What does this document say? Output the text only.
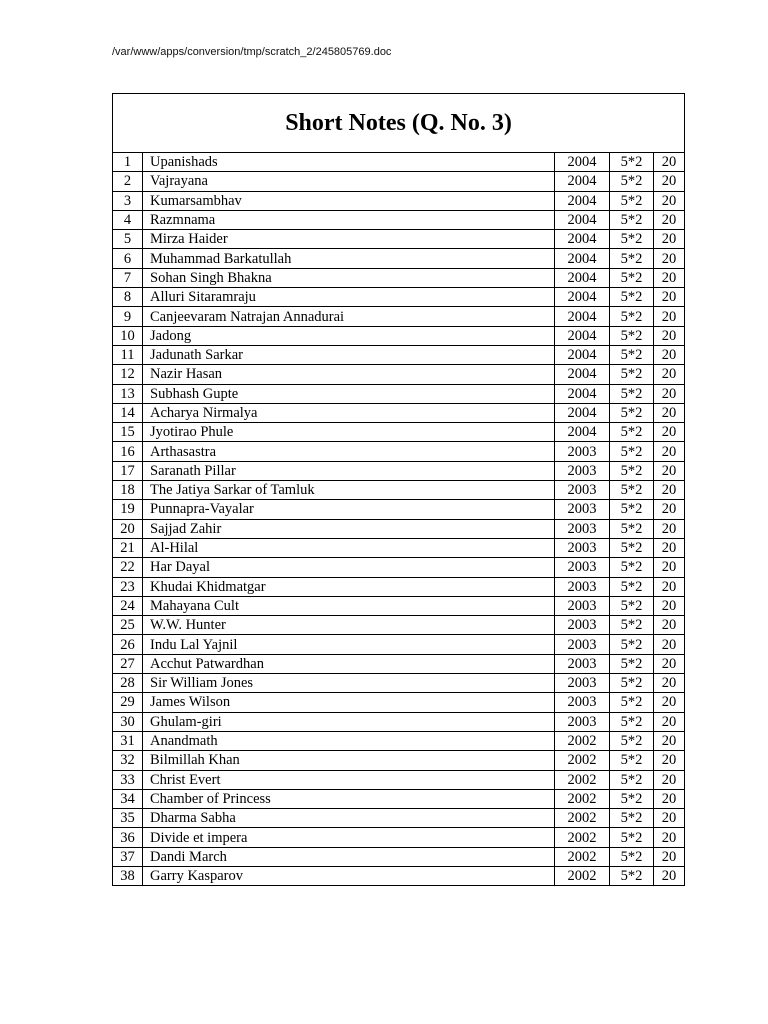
/var/www/apps/conversion/tmp/scratch_2/245805769.doc
Short Notes (Q. No. 3)				
1	Upanishads	2004	5*2	20
2	Vajrayana	2004	5*2	20
3	Kumarsambhav	2004	5*2	20
4	Razmnama	2004	5*2	20
5	Mirza Haider	2004	5*2	20
6	Muhammad Barkatullah	2004	5*2	20
7	Sohan Singh Bhakna	2004	5*2	20
8	Alluri Sitaramraju	2004	5*2	20
9	Canjeevaram Natrajan Annadurai	2004	5*2	20
10	Jadong	2004	5*2	20
11	Jadunath Sarkar	2004	5*2	20
12	Nazir Hasan	2004	5*2	20
13	Subhash Gupte	2004	5*2	20
14	Acharya Nirmalya	2004	5*2	20
15	Jyotirao Phule	2004	5*2	20
16	Arthasastra	2003	5*2	20
17	Saranath Pillar	2003	5*2	20
18	The Jatiya Sarkar of Tamluk	2003	5*2	20
19	Punnapra-Vayalar	2003	5*2	20
20	Sajjad Zahir	2003	5*2	20
21	Al-Hilal	2003	5*2	20
22	Har Dayal	2003	5*2	20
23	Khudai Khidmatgar	2003	5*2	20
24	Mahayana Cult	2003	5*2	20
25	W.W. Hunter	2003	5*2	20
26	Indu Lal Yajnil	2003	5*2	20
27	Acchut Patwardhan	2003	5*2	20
28	Sir William Jones	2003	5*2	20
29	James Wilson	2003	5*2	20
30	Ghulam-giri	2003	5*2	20
31	Anandmath	2002	5*2	20
32	Bilmillah Khan	2002	5*2	20
33	Christ Evert	2002	5*2	20
34	Chamber of Princess	2002	5*2	20
35	Dharma Sabha	2002	5*2	20
36	Divide et impera	2002	5*2	20
37	Dandi March	2002	5*2	20
38	Garry Kasparov	2002	5*2	20
